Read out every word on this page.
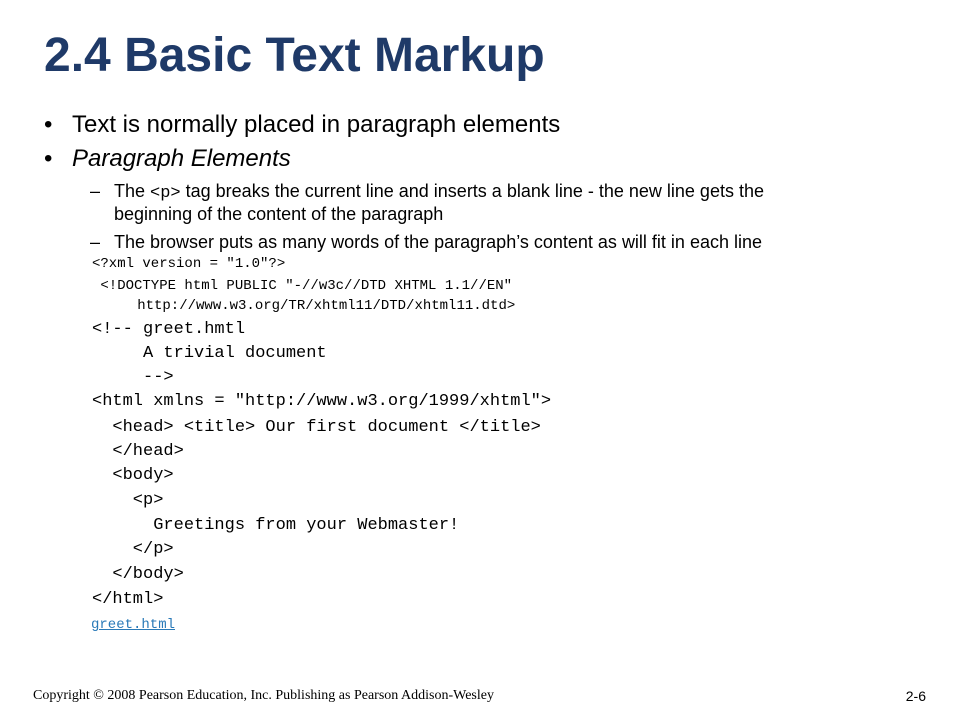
2.4 Basic Text Markup
• Text is normally placed in paragraph elements
• Paragraph Elements
– The <p> tag breaks the current line and inserts a blank line - the new line gets the
beginning of the content of the paragraph
– The browser puts as many words of the paragraph’s content as will fit in each line
<?xml version = "1.0"?>
<!DOCTYPE html PUBLIC "-//w3c//DTD XHTML 1.1//EN"
http://www.w3.org/TR/xhtml11/DTD/xhtml11.dtd>
<!-- greet.hmtl
A trivial document
-->
<html xmlns = "http://www.w3.org/1999/xhtml">
<head> <title> Our first document </title>
</head>
<body>
<p>
Greetings from your Webmaster!
</p>
</body>
</html>
greet.html
Copyright © 2008 Pearson Education, Inc. Publishing as Pearson Addison-Wesley	2-6
